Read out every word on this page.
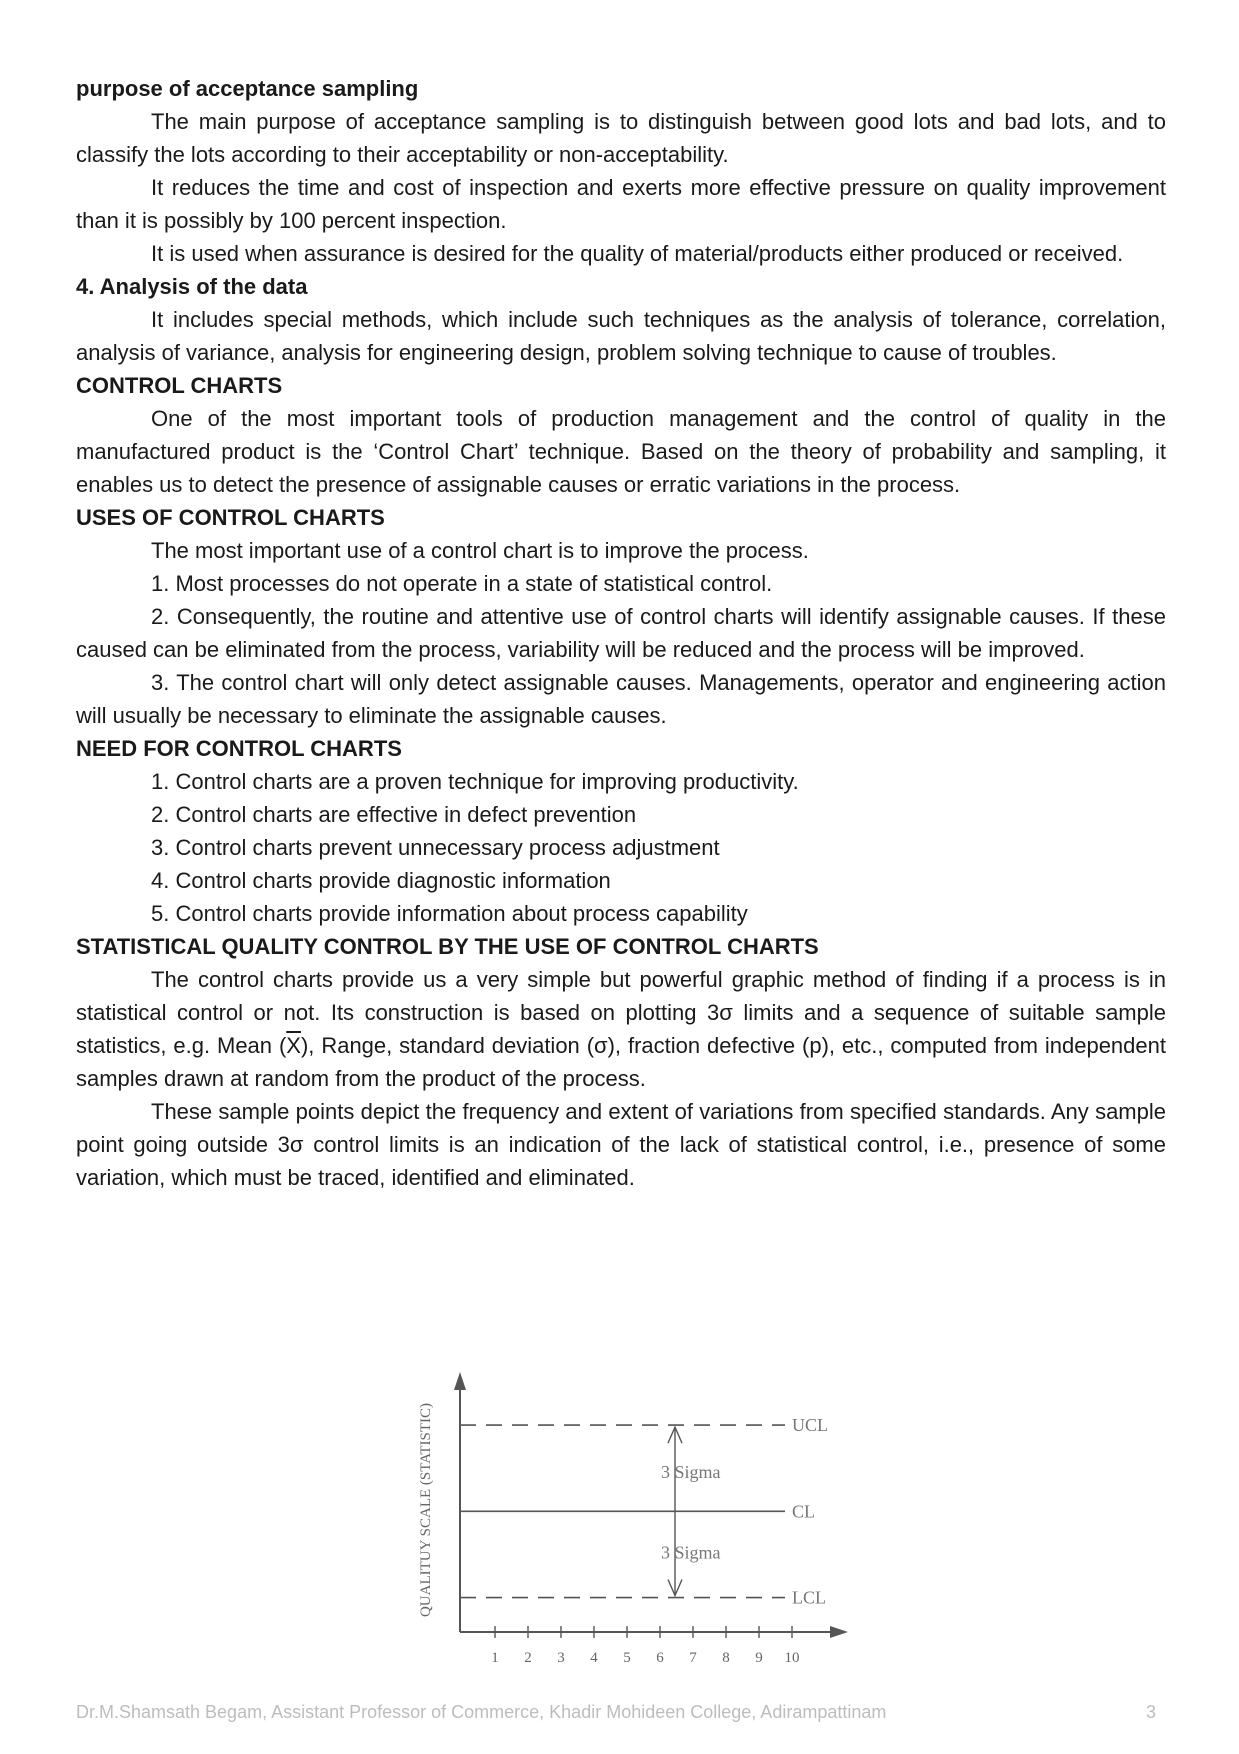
purpose of acceptance sampling

The main purpose of acceptance sampling is to distinguish between good lots and bad lots, and to classify the lots according to their acceptability or non-acceptability.

It reduces the time and cost of inspection and exerts more effective pressure on quality improvement than it is possibly by 100 percent inspection.

It is used when assurance is desired for the quality of material/products either produced or received.

4. Analysis of the data

It includes special methods, which include such techniques as the analysis of tolerance, correlation, analysis of variance, analysis for engineering design, problem solving technique to cause of troubles.

CONTROL CHARTS

One of the most important tools of production management and the control of quality in the manufactured product is the ‘Control Chart’ technique. Based on the theory of probability and sampling, it enables us to detect the presence of assignable causes or erratic variations in the process.

USES OF CONTROL CHARTS

The most important use of a control chart is to improve the process.

1. Most processes do not operate in a state of statistical control.

2. Consequently, the routine and attentive use of control charts will identify assignable causes. If these caused can be eliminated from the process, variability will be reduced and the process will be improved.

3. The control chart will only detect assignable causes. Managements, operator and engineering action will usually be necessary to eliminate the assignable causes.

NEED FOR CONTROL CHARTS

1. Control charts are a proven technique for improving productivity.

2. Control charts are effective in defect prevention

3. Control charts prevent unnecessary process adjustment

4. Control charts provide diagnostic information

5. Control charts provide information about process capability

STATISTICAL QUALITY CONTROL BY THE USE OF CONTROL CHARTS

The control charts provide us a very simple but powerful graphic method of finding if a process is in statistical control or not. Its construction is based on plotting 3σ limits and a sequence of suitable sample statistics, e.g. Mean $(\overline{X})$, Range, standard deviation (σ), fraction defective (p), etc., computed from independent samples drawn at random from the product of the process.

These sample points depict the frequency and extent of variations from specified standards. Any sample point going outside 3σ control limits is an indication of the lack of statistical control, i.e., presence of some variation, which must be traced, identified and eliminated.

QUALITUY SCALE (STATISTIC)	UCL
CL
LCL
3 Sigma
3 Sigma
1 2 3 4 5 6 7 8 9 10
Dr.M.Shamsath Begam, Assistant Professor of Commerce, Khadir Mohideen College, Adirampattinam	3
